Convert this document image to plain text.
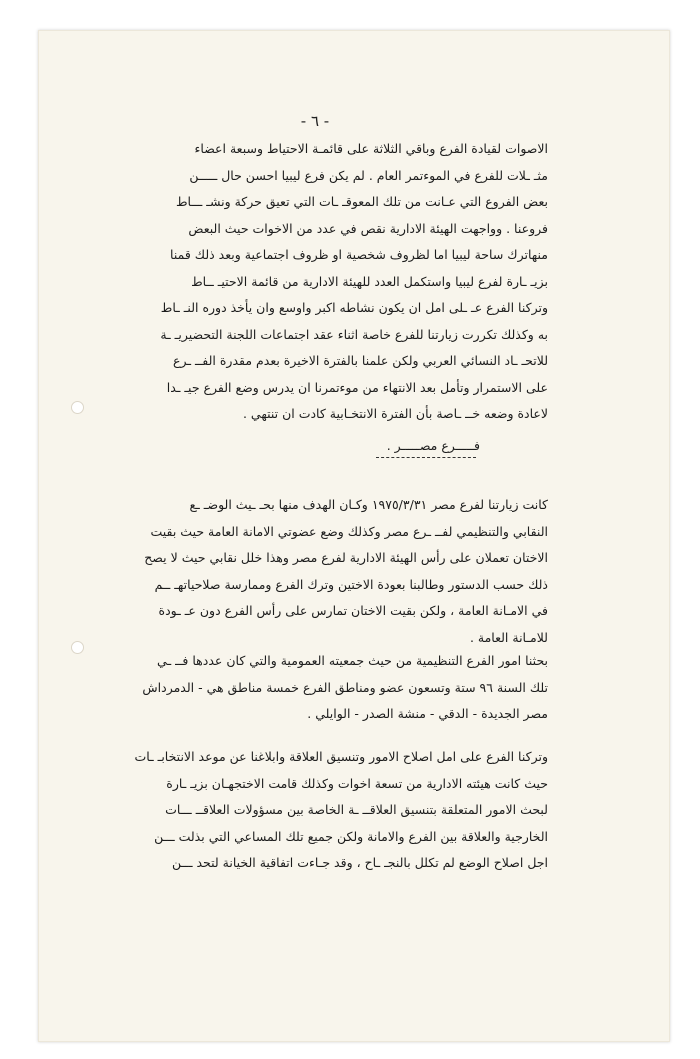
- ٦ -

الاصوات لقيادة الفرع وباقي الثلاثة على قائمـة الاحتياط وسبعة اعضاء

مثـ ـلات للفرع في الموءتمر العام . لم يكن فرع ليبيا احسن حال ـــــن

بعض الفروع التي عـانت من تلك المعوقـ ـات التي تعيق حركة ونشـ ـــاط

فروعنا . وواجهت الهيئة الادارية نقص في عدد من الاخوات حيث البعض

منهاترك ساحة ليبيا اما لظروف شخصية او ظروف اجتماعية وبعد ذلك قمنا

بزيـ ـارة لفرع ليبيا واستكمل العدد للهيئة الادارية من قائمة الاحتيـ ــاط

وتركنا الفرع عـ ـلى امل ان يكون نشاطه اكبر واوسع وان يأخذ دوره النـ ـاط

به وكذلك تكررت زيارتنا للفرع خاصة اثناء عقد اجتماعات اللجنة التحضيريـ ـة

للاتحـ ـاد النسائي العربي ولكن علمنا بالفترة الاخيرة بعدم مقدرة الفــ ـرع

على الاستمرار وتأمل بعد الانتهاء من موءتمرنا ان يدرس وضع الفرع جيـ ـدا

لاعادة وضعه خــ ـاصة بأن الفترة الانتخـابية كادت ان تنتهي .

فـــــرع مصـــــر .

كانت زيارتنا لفرع مصر ١٩٧٥/٣/٣١ وكـان الهدف منها بحـ ـيث الوضـ ـع

النقابي والتنظيمي لفــ ـرع مصر وكذلك وضع عضوتي الامانة العامة حيث بقيت

الاختان تعملان على رأس الهيئة الادارية لفرع مصر وهذا خلل نقابي حيث لا يصح

ذلك حسب الدستور وطالبنا بعودة الاختين وترك الفرع وممارسة صلاحياتهـ ــم

في الامـانة العامة ، ولكن بقيت الاختان تمارس على رأس الفرع دون عـ ـودة

للامـانة العامة .

بحثنا امور الفرع التنظيمية من حيث جمعيته العمومية والتي كان عددها فــ ـي

تلك السنة ٩٦ ستة وتسعون عضو ومناطق الفرع خمسة مناطق هي - الدمرداش

مصر الجديدة - الدقي - منشة الصدر - الوايلي .

وتركنا الفرع على امل اصلاح الامور وتنسيق العلاقة وابلاغنا عن موعد الانتخابـ ـات

حيث كانت هيئته الادارية من تسعة اخوات وكذلك قامت الاختجهـان بزيـ ـارة

لبحث الامور المتعلقة بتنسيق العلاقــ ـة الخاصة بين مسؤولات العلاقــ ـــات

الخارجية والعلاقة بين الفرع والامانة ولكن جميع تلك المساعي التي بذلت ـــن

اجل اصلاح الوضع لم تكلل بالنجـ ـاح ، وقد جـاءت اتفاقية الخيانة لتحد ـــن
